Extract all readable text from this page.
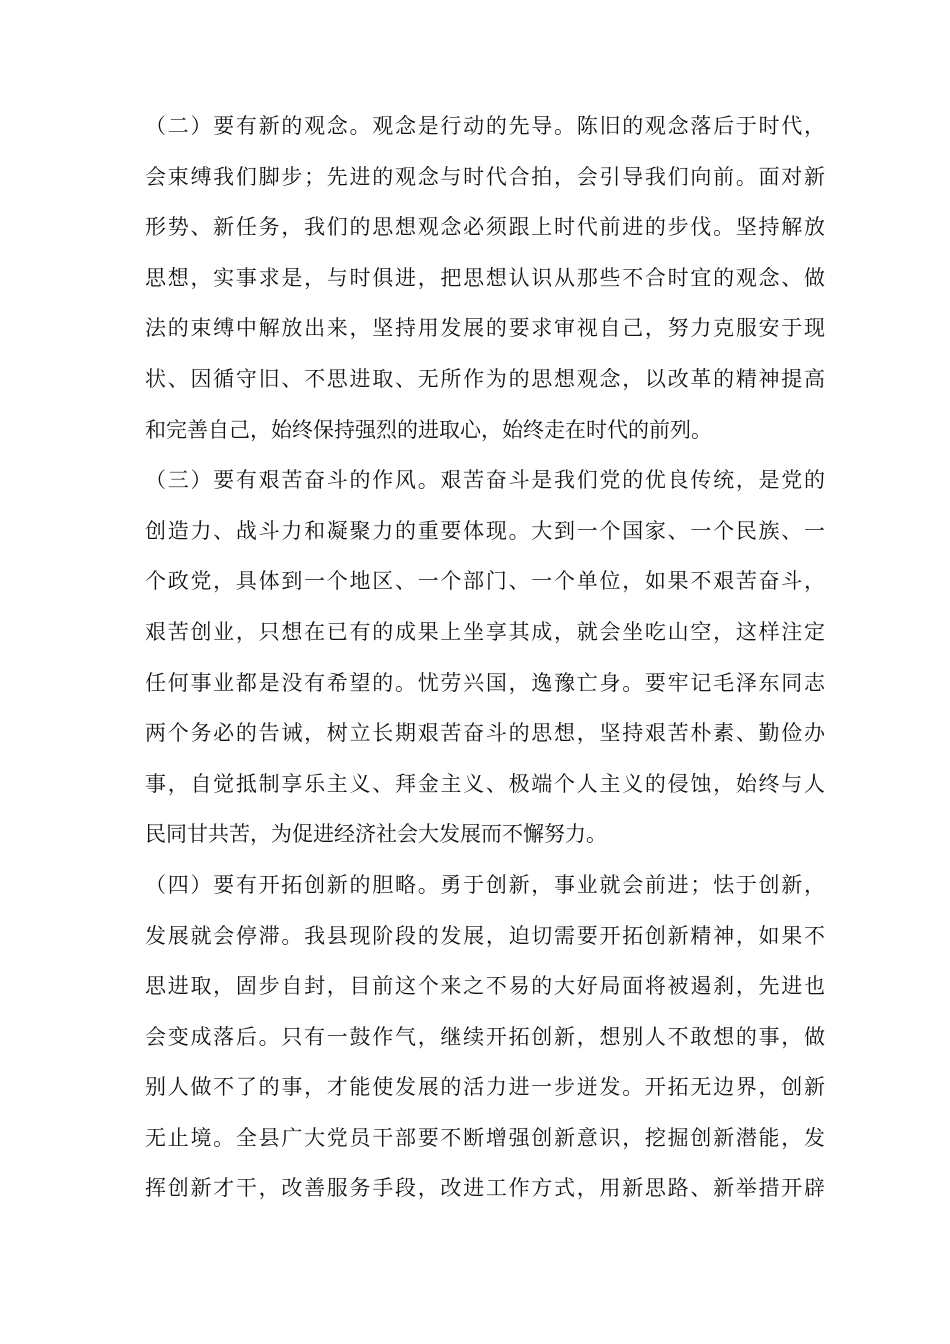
（二）要有新的观念。观念是行动的先导。陈旧的观念落后于时代，
会束缚我们脚步；先进的观念与时代合拍，会引导我们向前。面对新
形势、新任务，我们的思想观念必须跟上时代前进的步伐。坚持解放
思想，实事求是，与时俱进，把思想认识从那些不合时宜的观念、做
法的束缚中解放出来，坚持用发展的要求审视自己，努力克服安于现
状、因循守旧、不思进取、无所作为的思想观念，以改革的精神提高
和完善自己，始终保持强烈的进取心，始终走在时代的前列。
（三）要有艰苦奋斗的作风。艰苦奋斗是我们党的优良传统，是党的
创造力、战斗力和凝聚力的重要体现。大到一个国家、一个民族、一
个政党，具体到一个地区、一个部门、一个单位，如果不艰苦奋斗，
艰苦创业，只想在已有的成果上坐享其成，就会坐吃山空，这样注定
任何事业都是没有希望的。忧劳兴国，逸豫亡身。要牢记毛泽东同志
两个务必的告诫，树立长期艰苦奋斗的思想，坚持艰苦朴素、勤俭办
事，自觉抵制享乐主义、拜金主义、极端个人主义的侵蚀，始终与人
民同甘共苦，为促进经济社会大发展而不懈努力。
（四）要有开拓创新的胆略。勇于创新，事业就会前进；怯于创新，
发展就会停滞。我县现阶段的发展，迫切需要开拓创新精神，如果不
思进取，固步自封，目前这个来之不易的大好局面将被遏刹，先进也
会变成落后。只有一鼓作气，继续开拓创新，想别人不敢想的事，做
别人做不了的事，才能使发展的活力进一步迸发。开拓无边界，创新
无止境。全县广大党员干部要不断增强创新意识，挖掘创新潜能，发
挥创新才干，改善服务手段，改进工作方式，用新思路、新举措开辟
